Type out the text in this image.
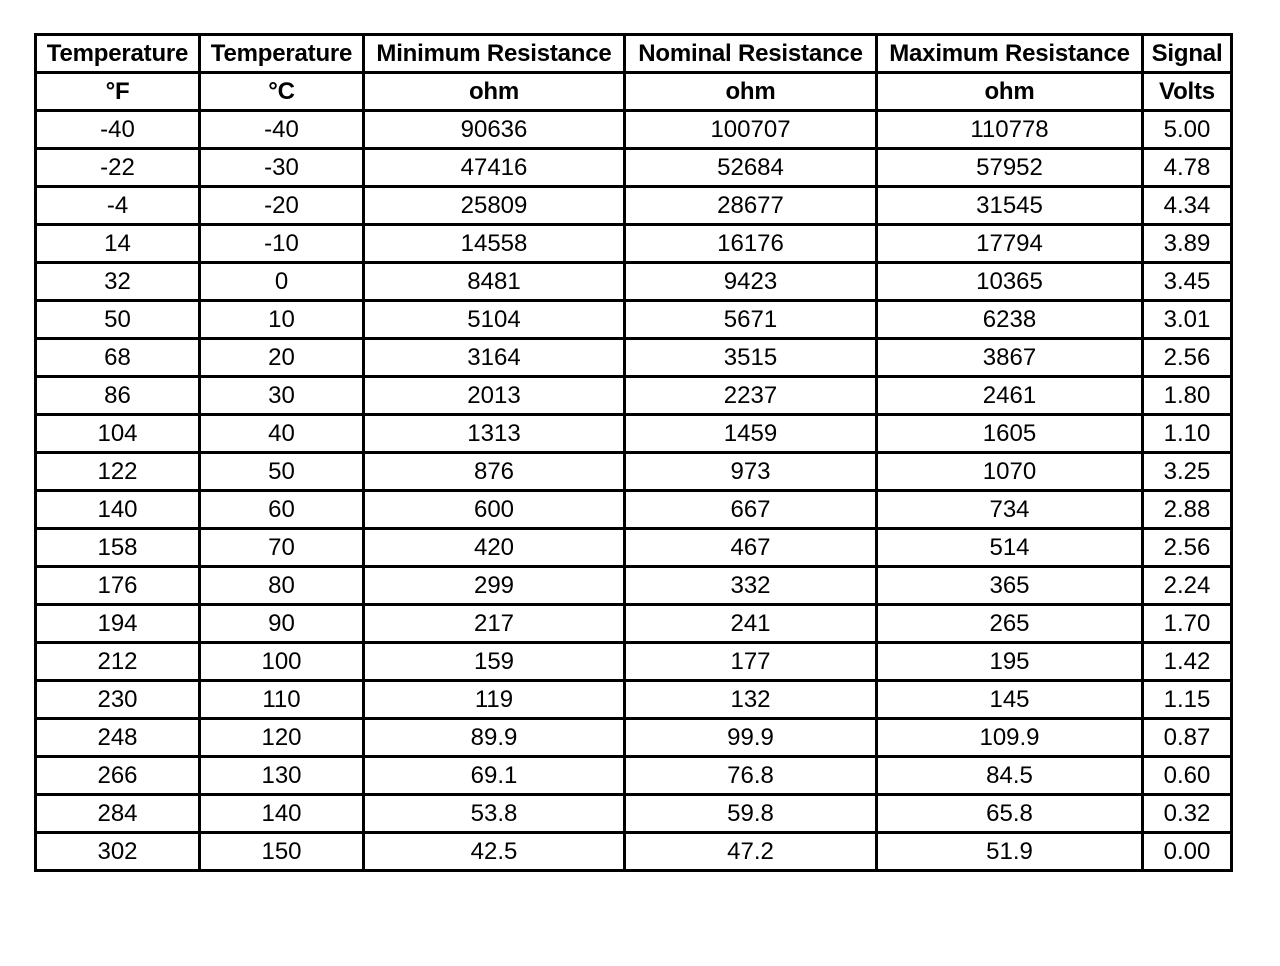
Temperature	Temperature	Minimum Resistance	Nominal Resistance	Maximum Resistance	Signal
°F	°C	ohm	ohm	ohm	Volts
-40	-40	90636	100707	110778	5.00
-22	-30	47416	52684	57952	4.78
-4	-20	25809	28677	31545	4.34
14	-10	14558	16176	17794	3.89
32	0	8481	9423	10365	3.45
50	10	5104	5671	6238	3.01
68	20	3164	3515	3867	2.56
86	30	2013	2237	2461	1.80
104	40	1313	1459	1605	1.10
122	50	876	973	1070	3.25
140	60	600	667	734	2.88
158	70	420	467	514	2.56
176	80	299	332	365	2.24
194	90	217	241	265	1.70
212	100	159	177	195	1.42
230	110	119	132	145	1.15
248	120	89.9	99.9	109.9	0.87
266	130	69.1	76.8	84.5	0.60
284	140	53.8	59.8	65.8	0.32
302	150	42.5	47.2	51.9	0.00
